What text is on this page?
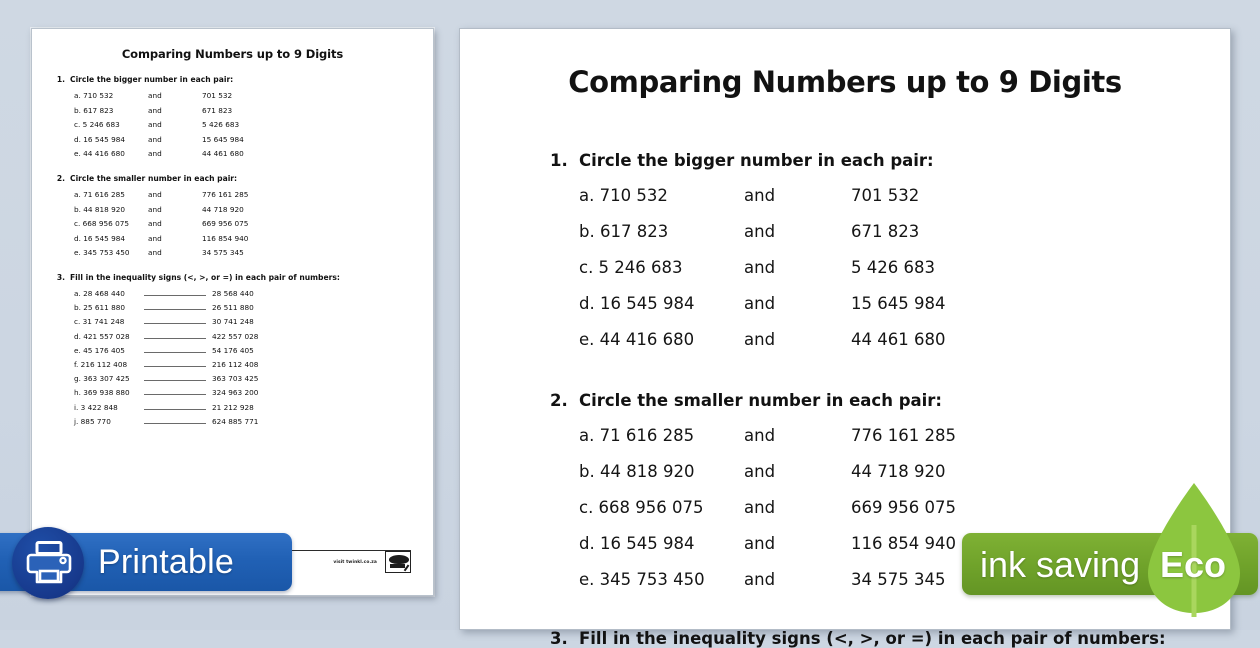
Comparing Numbers up to 9 Digits
1. Circle the bigger number in each pair:
a. 710 532	and	701 532
b. 617 823	and	671 823
c. 5 246 683	and	5 426 683
d. 16 545 984	and	15 645 984
e. 44 416 680	and	44 461 680
2. Circle the smaller number in each pair:
a. 71 616 285	and	776 161 285
b. 44 818 920	and	44 718 920
c. 668 956 075	and	669 956 075
d. 16 545 984	and	116 854 940
e. 345 753 450	and	34 575 345
3. Fill in the inequality signs (<, >, or =) in each pair of numbers:
a. 28 468 440	28 568 440
b. 25 611 880	26 511 880
c. 31 741 248	30 741 248
d. 421 557 028	422 557 028
e. 45 176 405	54 176 405
f. 216 112 408	216 112 408
g. 363 307 425	363 703 425
h. 369 938 880	324 963 200
i. 3 422 848	21 212 928
j. 885 770	624 885 771
visit twinkl.co.za
Comparing Numbers up to 9 Digits
1. Circle the bigger number in each pair:
a. 710 532	and	701 532
b. 617 823	and	671 823
c. 5 246 683	and	5 426 683
d. 16 545 984	and	15 645 984
e. 44 416 680	and	44 461 680
2. Circle the smaller number in each pair:
a. 71 616 285	and	776 161 285
b. 44 818 920	and	44 718 920
c. 668 956 075	and	669 956 075
d. 16 545 984	and	116 854 940
e. 345 753 450	and	34 575 345
3. Fill in the inequality signs (<, >, or =) in each pair of numbers:
Printable	ink saving Eco
